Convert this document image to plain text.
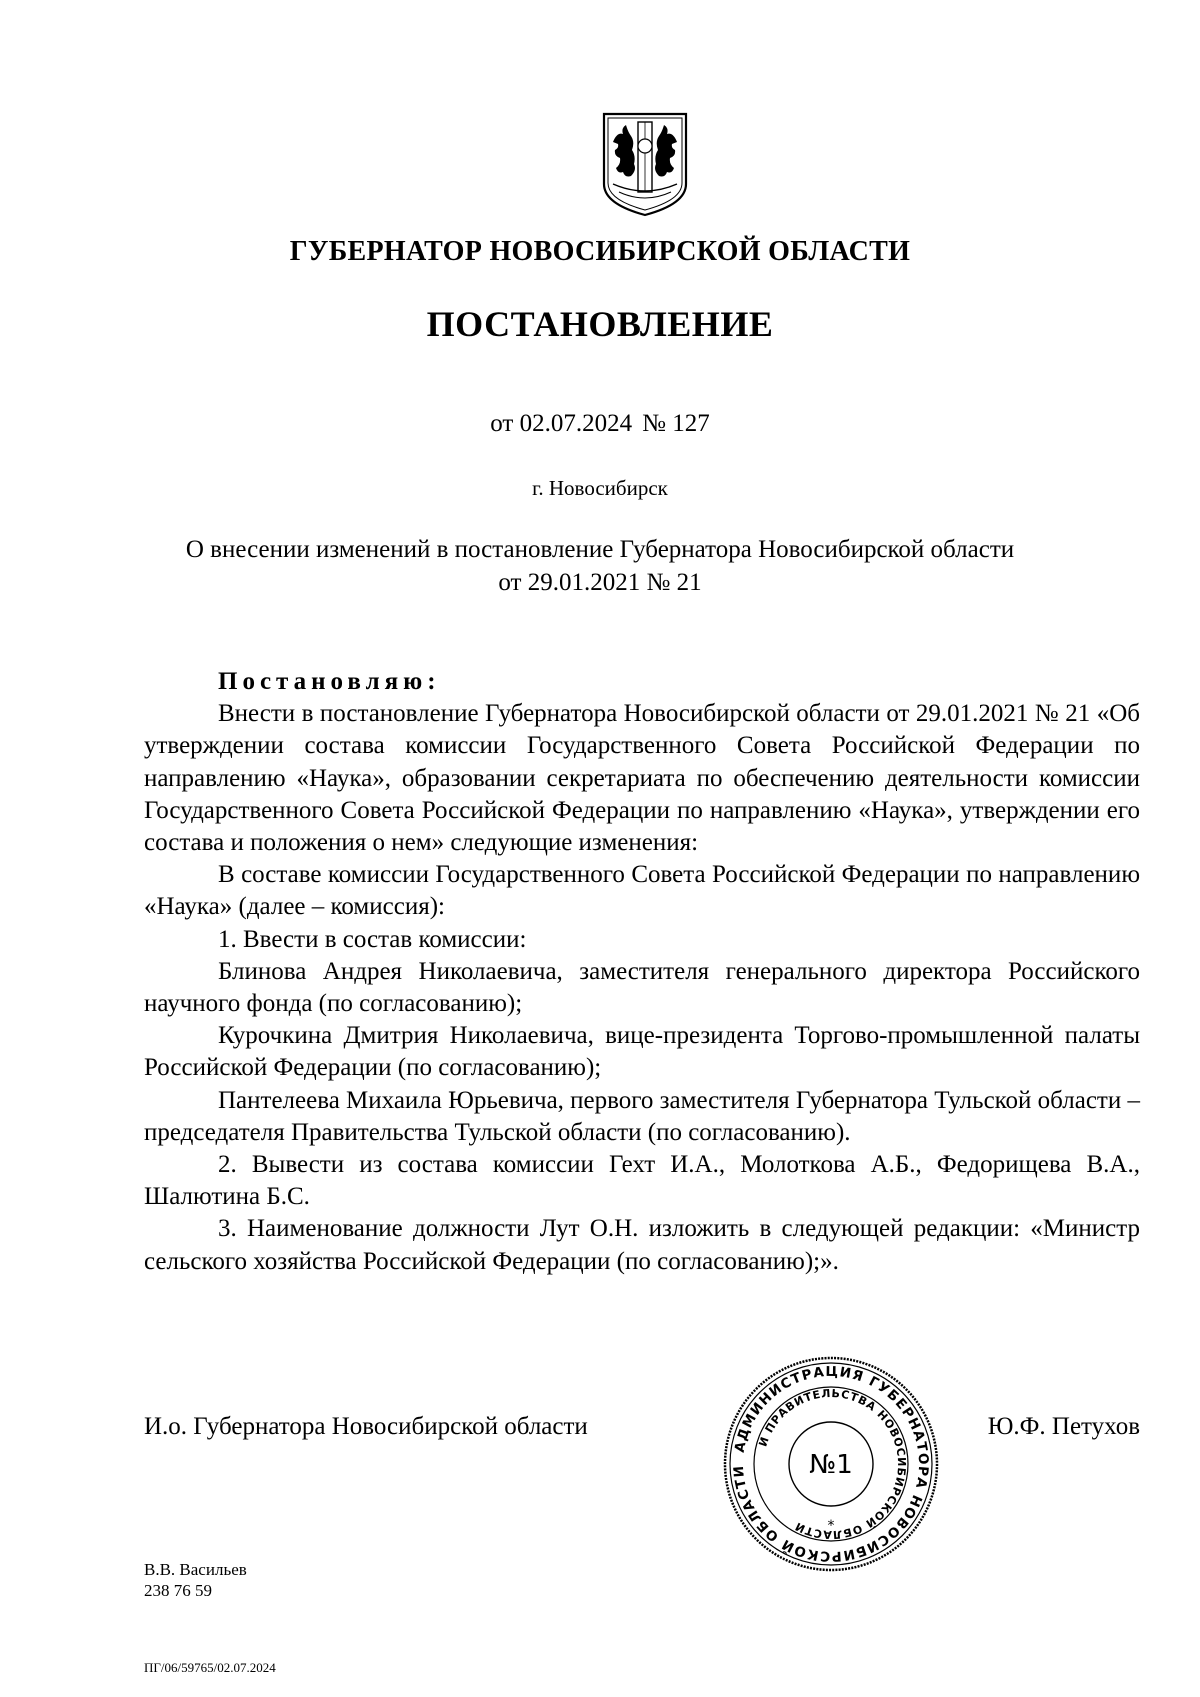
ГУБЕРНАТОР НОВОСИБИРСКОЙ ОБЛАСТИ
ПОСТАНОВЛЕНИЕ
от 02.07.2024 № 127
г. Новосибирск
О внесении изменений в постановление Губернатора Новосибирской области
от 29.01.2021 № 21

Постановляю:

Внести в постановление Губернатора Новосибирской области от 29.01.2021 № 21 «Об утверждении состава комиссии Государственного Совета Российской Федерации по направлению «Наука», образовании секретариата по обеспечению деятельности комиссии Государственного Совета Российской Федерации по направлению «Наука», утверждении его состава и положения о нем» следующие изменения:

В составе комиссии Государственного Совета Российской Федерации по направлению «Наука» (далее – комиссия):

1. Ввести в состав комиссии:

Блинова Андрея Николаевича, заместителя генерального директора Российского научного фонда (по согласованию);

Курочкина Дмитрия Николаевича, вице-президента Торгово-промышленной палаты Российской Федерации (по согласованию);

Пантелеева Михаила Юрьевича, первого заместителя Губернатора Тульской области – председателя Правительства Тульской области (по согласованию).

2. Вывести из состава комиссии Гехт И.А., Молоткова А.Б., Федорищева В.А., Шалютина Б.С.

3. Наименование должности Лут О.Н. изложить в следующей редакции: «Министр сельского хозяйства Российской Федерации (по согласованию);».

И.о. Губернатора Новосибирской области	Ю.Ф. Петухов
АДМИНИСТРАЦИЯ ГУБЕРНАТОРА НОВОСИБИРСКОЙ ОБЛАСТИ
И ПРАВИТЕЛЬСТВА НОВОСИБИРСКОЙ ОБЛАСТИ
№1
*
В.В. Васильев
238 76 59
ПГ/06/59765/02.07.2024
